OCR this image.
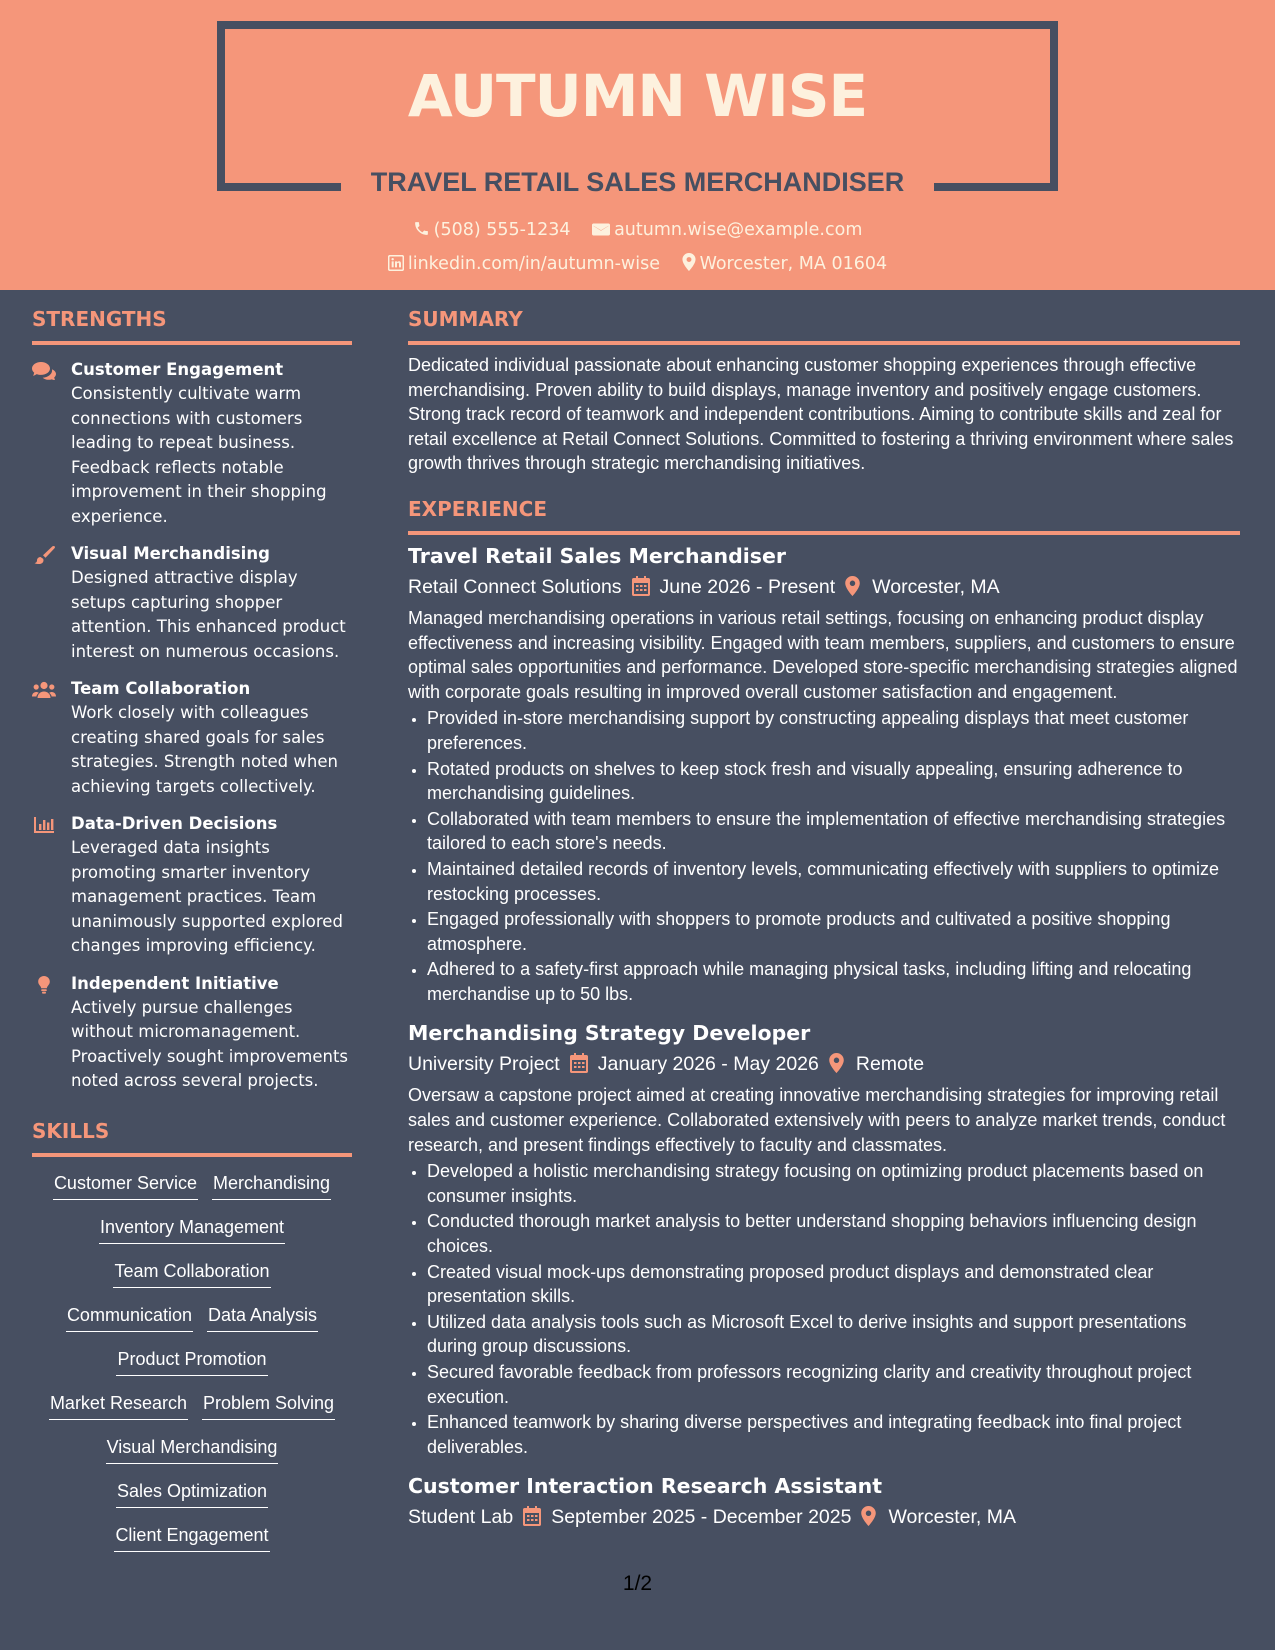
AUTUMN WISE
TRAVEL RETAIL SALES MERCHANDISER
(508) 555-1234 autumn.wise@example.com
linkedin.com/in/autumn-wise Worcester, MA 01604
STRENGTHS
Customer Engagement
Consistently cultivate warm connections with customers leading to repeat business. Feedback reflects notable improvement in their shopping experience.
Visual Merchandising
Designed attractive display setups capturing shopper attention. This enhanced product interest on numerous occasions.
Team Collaboration
Work closely with colleagues creating shared goals for sales strategies. Strength noted when achieving targets collectively.
Data-Driven Decisions
Leveraged data insights promoting smarter inventory management practices. Team unanimously supported explored changes improving efficiency.
Independent Initiative
Actively pursue challenges without micromanagement. Proactively sought improvements noted across several projects.
SKILLS
Customer Service Merchandising
Inventory Management
Team Collaboration
Communication Data Analysis
Product Promotion
Market Research Problem Solving
Visual Merchandising
Sales Optimization
Client Engagement
SUMMARY
Dedicated individual passionate about enhancing customer shopping experiences through effective merchandising. Proven ability to build displays, manage inventory and positively engage customers. Strong track record of teamwork and independent contributions. Aiming to contribute skills and zeal for retail excellence at Retail Connect Solutions. Committed to fostering a thriving environment where sales growth thrives through strategic merchandising initiatives.
EXPERIENCE
Travel Retail Sales Merchandiser
Retail Connect Solutions June 2026 - Present Worcester, MA
Managed merchandising operations in various retail settings, focusing on enhancing product display effectiveness and increasing visibility. Engaged with team members, suppliers, and customers to ensure optimal sales opportunities and performance. Developed store-specific merchandising strategies aligned with corporate goals resulting in improved overall customer satisfaction and engagement.
• Provided in-store merchandising support by constructing appealing displays that meet customer preferences.
• Rotated products on shelves to keep stock fresh and visually appealing, ensuring adherence to merchandising guidelines.
• Collaborated with team members to ensure the implementation of effective merchandising strategies tailored to each store's needs.
• Maintained detailed records of inventory levels, communicating effectively with suppliers to optimize restocking processes.
• Engaged professionally with shoppers to promote products and cultivated a positive shopping atmosphere.
• Adhered to a safety-first approach while managing physical tasks, including lifting and relocating merchandise up to 50 lbs.
Merchandising Strategy Developer
University Project January 2026 - May 2026 Remote
Oversaw a capstone project aimed at creating innovative merchandising strategies for improving retail sales and customer experience. Collaborated extensively with peers to analyze market trends, conduct research, and present findings effectively to faculty and classmates.
• Developed a holistic merchandising strategy focusing on optimizing product placements based on consumer insights.
• Conducted thorough market analysis to better understand shopping behaviors influencing design choices.
• Created visual mock-ups demonstrating proposed product displays and demonstrated clear presentation skills.
• Utilized data analysis tools such as Microsoft Excel to derive insights and support presentations during group discussions.
• Secured favorable feedback from professors recognizing clarity and creativity throughout project execution.
• Enhanced teamwork by sharing diverse perspectives and integrating feedback into final project deliverables.
Customer Interaction Research Assistant
Student Lab September 2025 - December 2025 Worcester, MA
1/2
